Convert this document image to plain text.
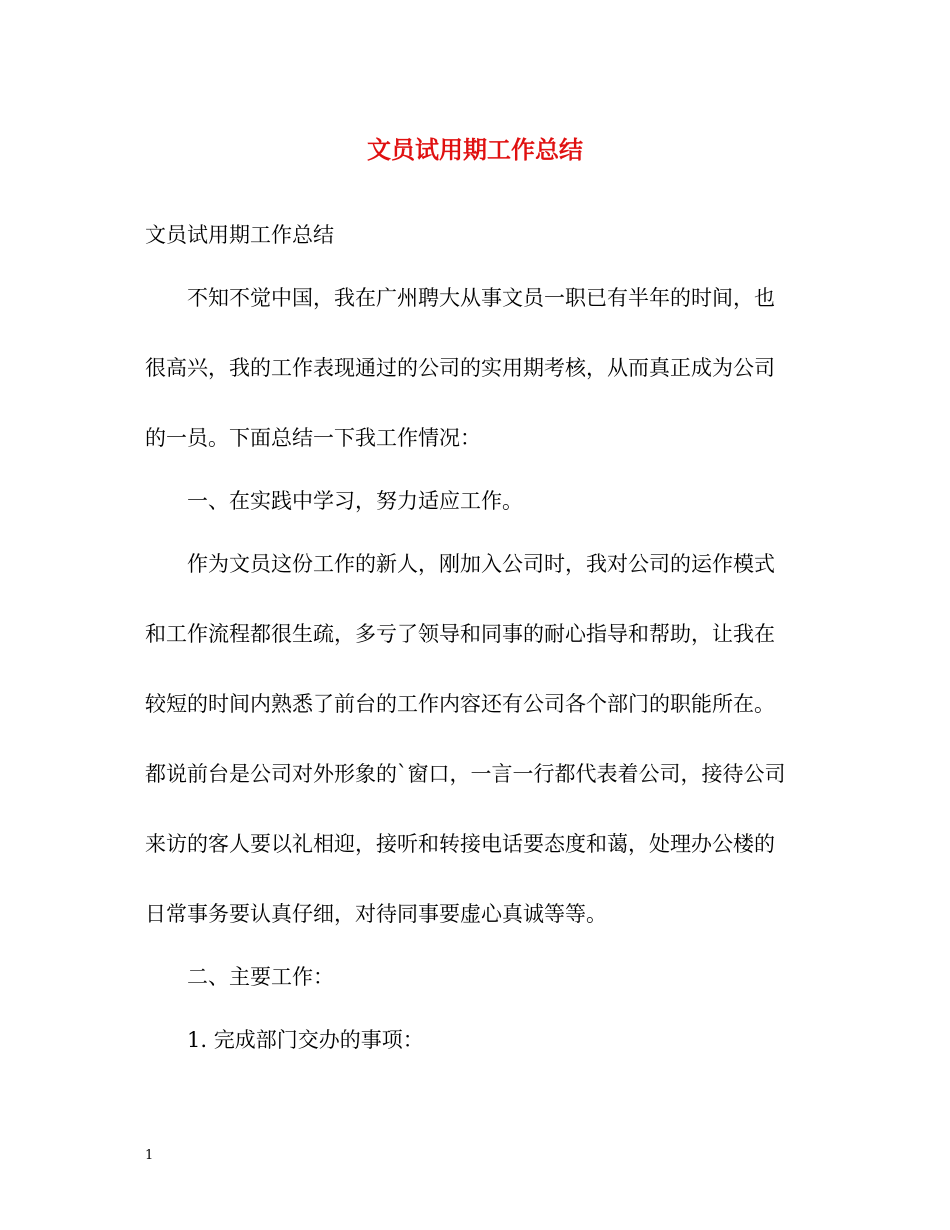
文员试用期工作总结

文员试用期工作总结

不知不觉中国，我在广州聘大从事文员一职已有半年的时间，也

很高兴，我的工作表现通过的公司的实用期考核，从而真正成为公司

的一员。下面总结一下我工作情况：

一、在实践中学习，努力适应工作。

作为文员这份工作的新人，刚加入公司时，我对公司的运作模式

和工作流程都很生疏，多亏了领导和同事的耐心指导和帮助，让我在

较短的时间内熟悉了前台的工作内容还有公司各个部门的职能所在。

都说前台是公司对外形象的`窗口，一言一行都代表着公司，接待公司

来访的客人要以礼相迎，接听和转接电话要态度和蔼，处理办公楼的

日常事务要认真仔细，对待同事要虚心真诚等等。

二、主要工作：

1. 完成部门交办的事项：

1
